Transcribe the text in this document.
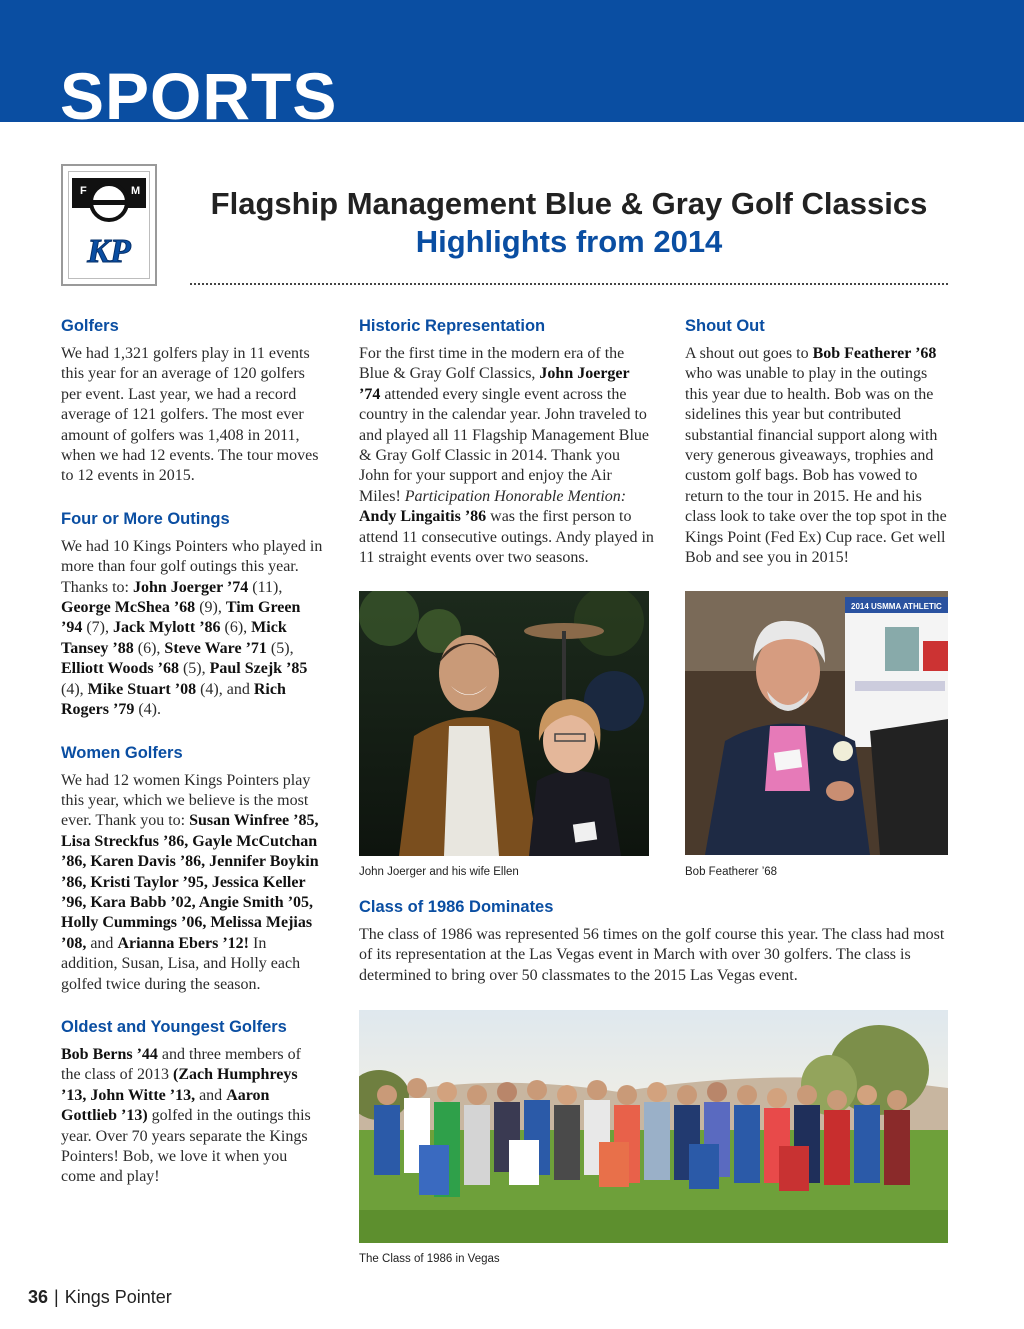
SPORTS
F	M
KP
Flagship Management Blue & Gray Golf Classics
Highlights from 2014
Golfers

We had 1,321 golfers play in 11 events this year for an average of 120 golfers per event. Last year, we had a record average of 121 golfers. The most ever amount of golfers was 1,408 in 2011, when we had 12 events. The tour moves to 12 events in 2015.

Four or More Outings

We had 10 Kings Pointers who played in more than four golf outings this year. Thanks to: John Joerger ’74 (11), George McShea ’68 (9), Tim Green ’94 (7), Jack Mylott ’86 (6), Mick Tansey ’88 (6), Steve Ware ’71 (5), Elliott Woods ’68 (5), Paul Szejk ’85 (4), Mike Stuart ’08 (4), and Rich Rogers ’79 (4).

Women Golfers

We had 12 women Kings Pointers play this year, which we believe is the most ever. Thank you to: Susan Winfree ’85, Lisa Streckfus ’86, Gayle McCutchan ’86, Karen Davis ’86, Jennifer Boykin ’86, Kristi Taylor ’95, Jessica Keller ’96, Kara Babb ’02, Angie Smith ’05, Holly Cummings ’06, Melissa Mejias ’08, and Arianna Ebers ’12! In addition, Susan, Lisa, and Holly each golfed twice during the season.

Oldest and Youngest Golfers

Bob Berns ’44 and three members of the class of 2013 (Zach Humphreys ’13, John Witte ’13, and Aaron Gottlieb ’13) golfed in the outings this year. Over 70 years separate the Kings Pointers! Bob, we love it when you come and play!

Historic Representation

For the first time in the modern era of the Blue & Gray Golf Classics, John Joerger ’74 attended every single event across the country in the calendar year. John traveled to and played all 11 Flagship Management Blue & Gray Golf Classic in 2014. Thank you John for your support and enjoy the Air Miles! Participation Honorable Mention: Andy Lingaitis ’86 was the first person to attend 11 consecutive outings. Andy played in 11 straight events over two seasons.

Shout Out

A shout out goes to Bob Featherer ’68 who was unable to play in the outings this year due to health. Bob was on the sidelines this year but contributed substantial financial support along with very generous giveaways, trophies and custom golf bags. Bob has vowed to return to the tour in 2015. He and his class look to take over the top spot in the Kings Point (Fed Ex) Cup race. Get well Bob and see you in 2015!

John Joerger and his wife Ellen

2014 USMMA ATHLETIC

Bob Featherer ’68

Class of 1986 Dominates

The class of 1986 was represented 56 times on the golf course this year. The class had most of its representation at the Las Vegas event in March with over 30 golfers. The class is determined to bring over 50 classmates to the 2015 Las Vegas event.

The Class of 1986 in Vegas

36 | Kings Pointer
